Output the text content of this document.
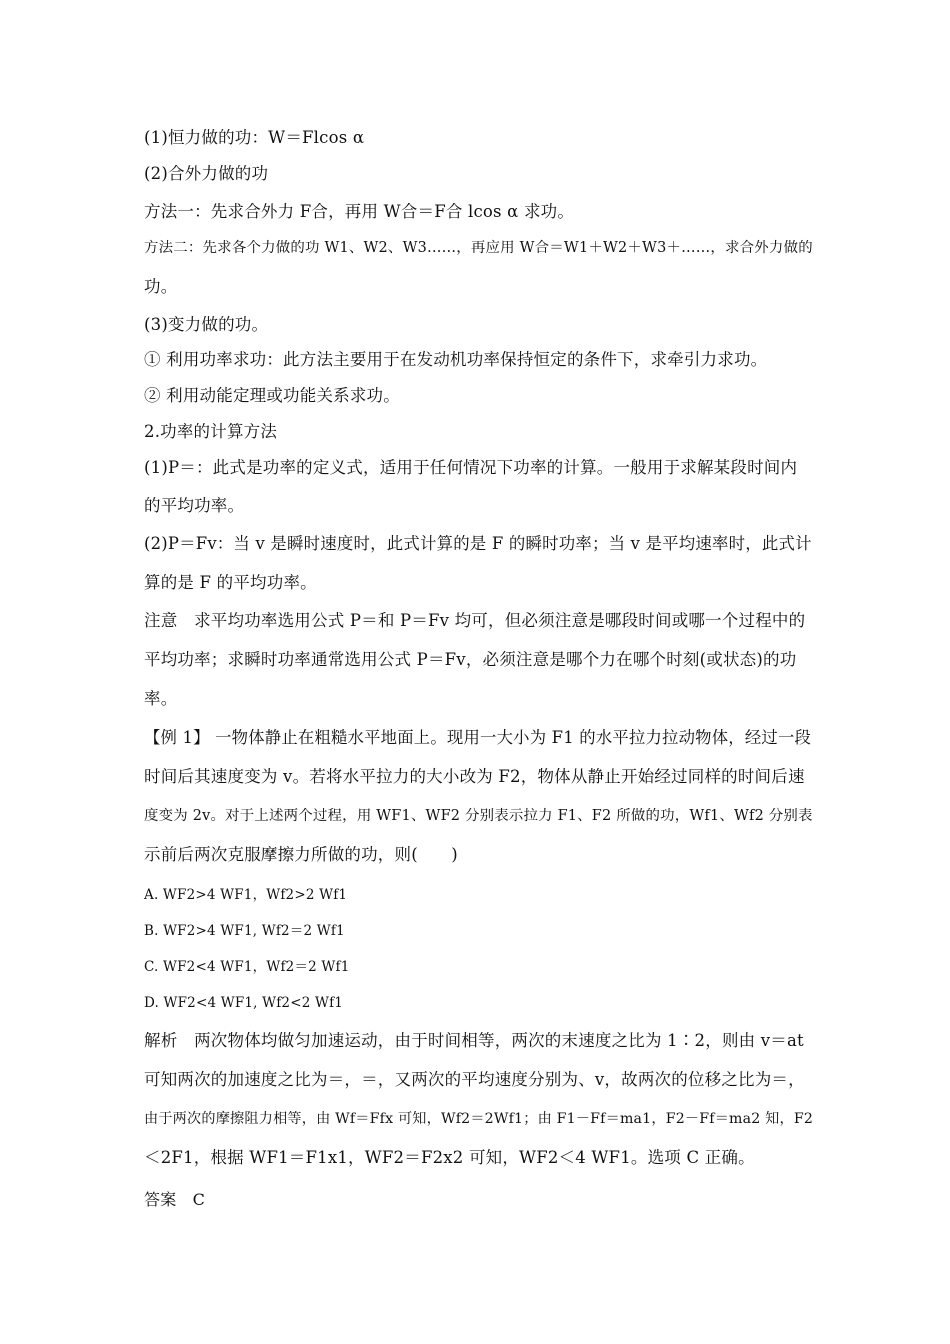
(1)恒力做的功：W＝Flcos α
(2)合外力做的功
方法一：先求合外力 F合，再用 W合＝F合 lcos α 求功。
方法二：先求各个力做的功 W1、W2、W3……，再应用 W合＝W1＋W2＋W3＋……，求合外力做的
功。
(3)变力做的功。
① 利用功率求功：此方法主要用于在发动机功率保持恒定的条件下，求牵引力求功。
② 利用动能定理或功能关系求功。
2.功率的计算方法
(1)P＝：此式是功率的定义式，适用于任何情况下功率的计算。一般用于求解某段时间内
的平均功率。
(2)P＝Fv：当 v 是瞬时速度时，此式计算的是 F 的瞬时功率；当 v 是平均速率时，此式计
算的是 F 的平均功率。
注意　求平均功率选用公式 P＝和 P＝Fv 均可，但必须注意是哪段时间或哪一个过程中的
平均功率；求瞬时功率通常选用公式 P＝Fv，必须注意是哪个力在哪个时刻(或状态)的功
率。
【例 1】 一物体静止在粗糙水平地面上。现用一大小为 F1 的水平拉力拉动物体，经过一段
时间后其速度变为 v。若将水平拉力的大小改为 F2，物体从静止开始经过同样的时间后速
度变为 2v。对于上述两个过程，用 WF1、WF2 分别表示拉力 F1、F2 所做的功，Wf1、Wf2 分别表
示前后两次克服摩擦力所做的功，则(　　)
A. WF2>4 WF1，Wf2>2 Wf1
B. WF2>4 WF1, Wf2＝2 Wf1
C. WF2<4 WF1，Wf2＝2 Wf1
D. WF2<4 WF1, Wf2<2 Wf1
解析　两次物体均做匀加速运动，由于时间相等，两次的末速度之比为 1∶2，则由 v＝at
可知两次的加速度之比为＝，＝，又两次的平均速度分别为、v，故两次的位移之比为＝，
由于两次的摩擦阻力相等，由 Wf＝Ffx 可知，Wf2＝2Wf1；由 F1－Ff＝ma1，F2－Ff＝ma2 知，F2
＜2F1，根据 WF1＝F1x1，WF2＝F2x2 可知，WF2＜4 WF1。选项 C 正确。
答案　C
